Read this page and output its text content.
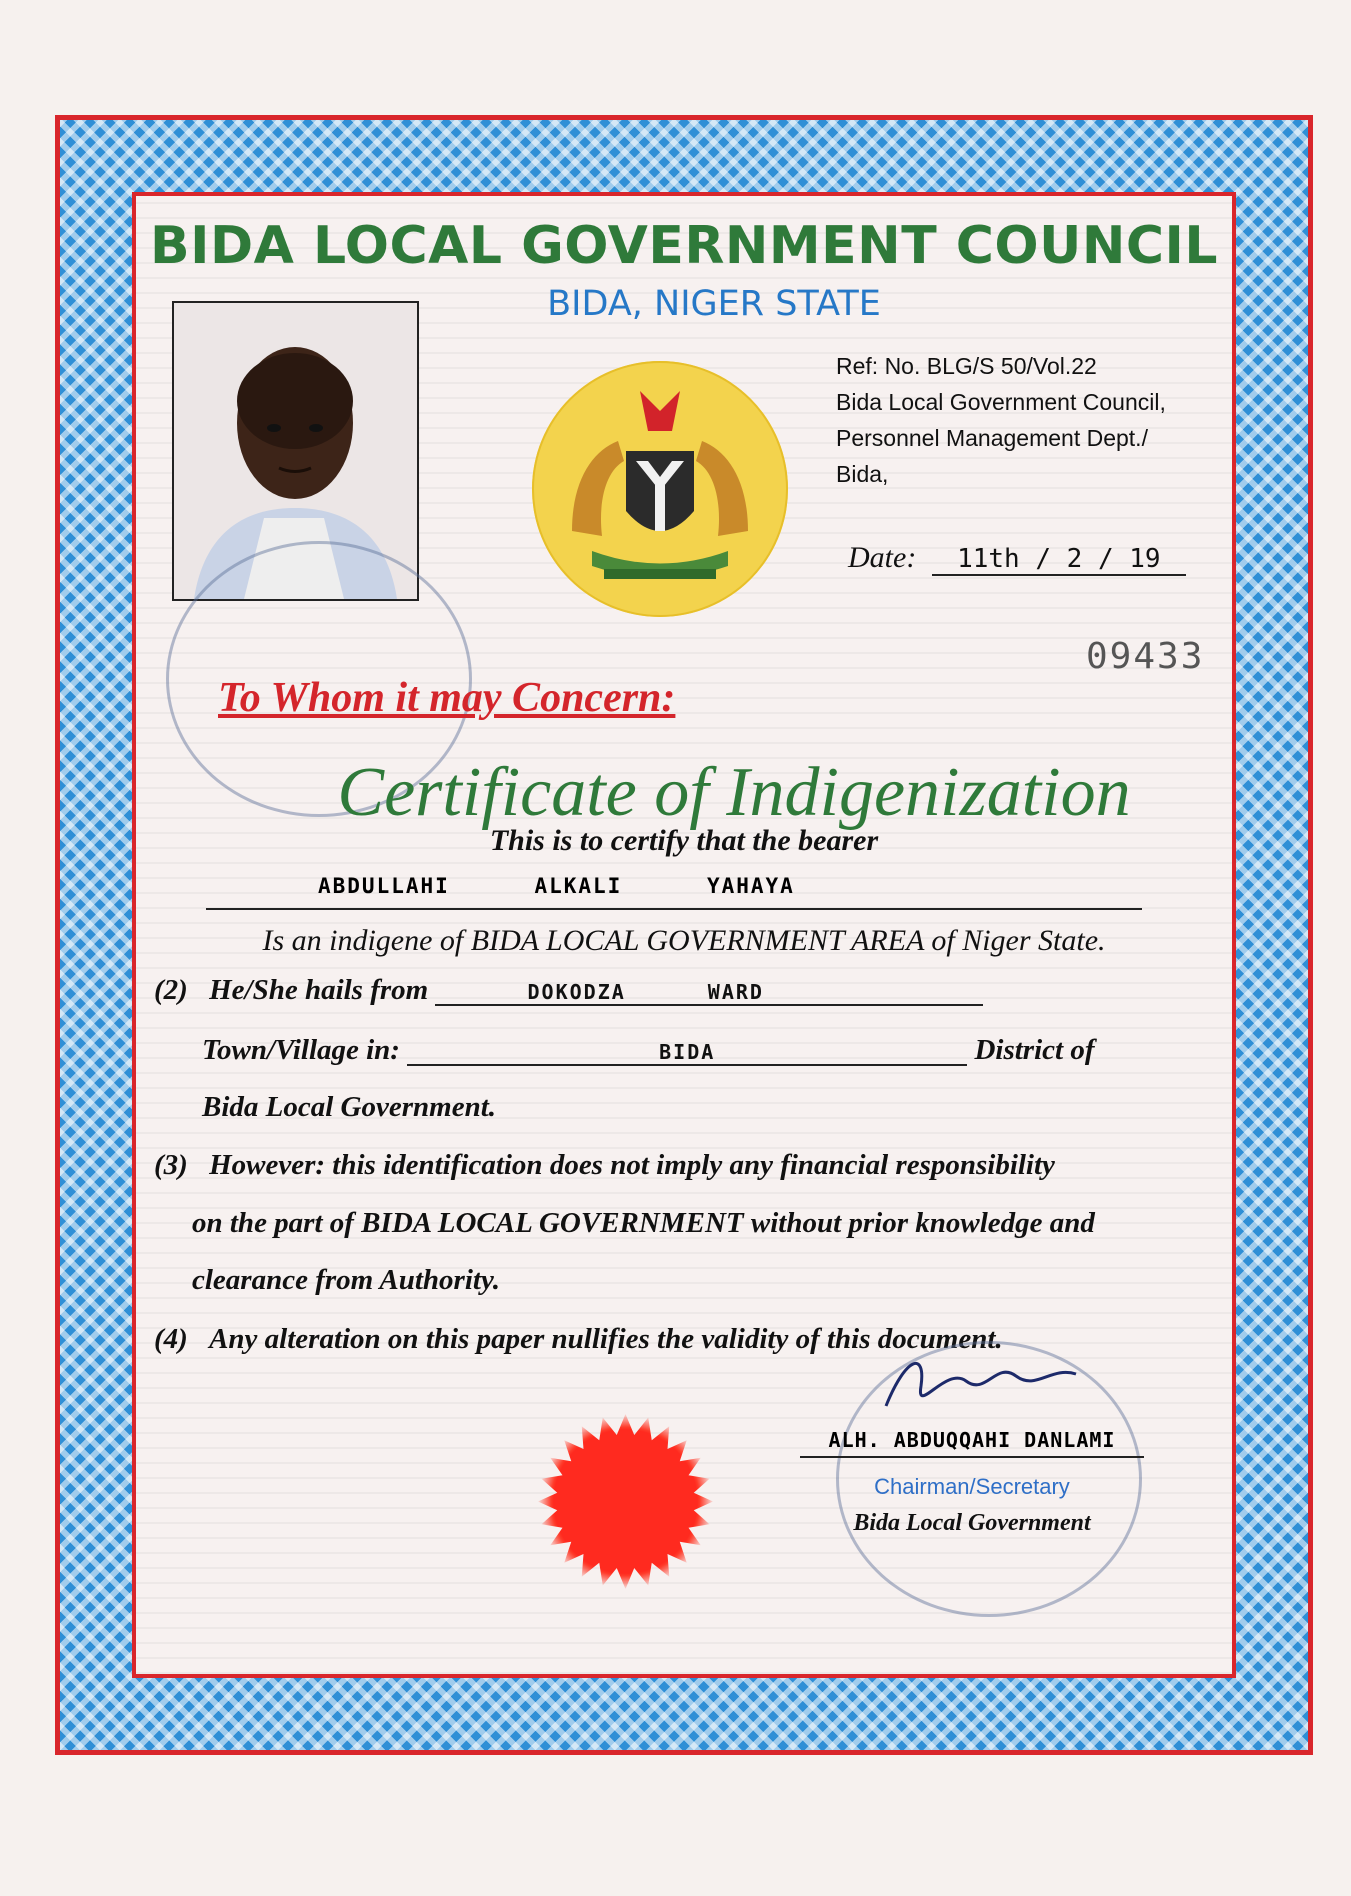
BIDA LOCAL GOVERNMENT COUNCIL
BIDA, NIGER STATE
Ref: No. BLG/S 50/Vol.22
Bida Local Government Council,
Personnel Management Dept./
Bida,
Date: 11th / 2 / 19
09433
To Whom it may Concern:
Certificate of Indigenization
This is to certify that the bearer
ABDULLAHI	ALKALI	YAHAYA
Is an indigene of BIDA LOCAL GOVERNMENT AREA of Niger State.
(2) He/She hails from	DOKODZA	WARD
Town/Village in:	BIDA	District of
Bida Local Government.
(3) However: this identification does not imply any financial responsibility
on the part of BIDA LOCAL GOVERNMENT without prior knowledge and
clearance from Authority.
(4) Any alteration on this paper nullifies the validity of this document.
ALH. ABDUQQAHI DANLAMI
Chairman/Secretary
Bida Local Government
